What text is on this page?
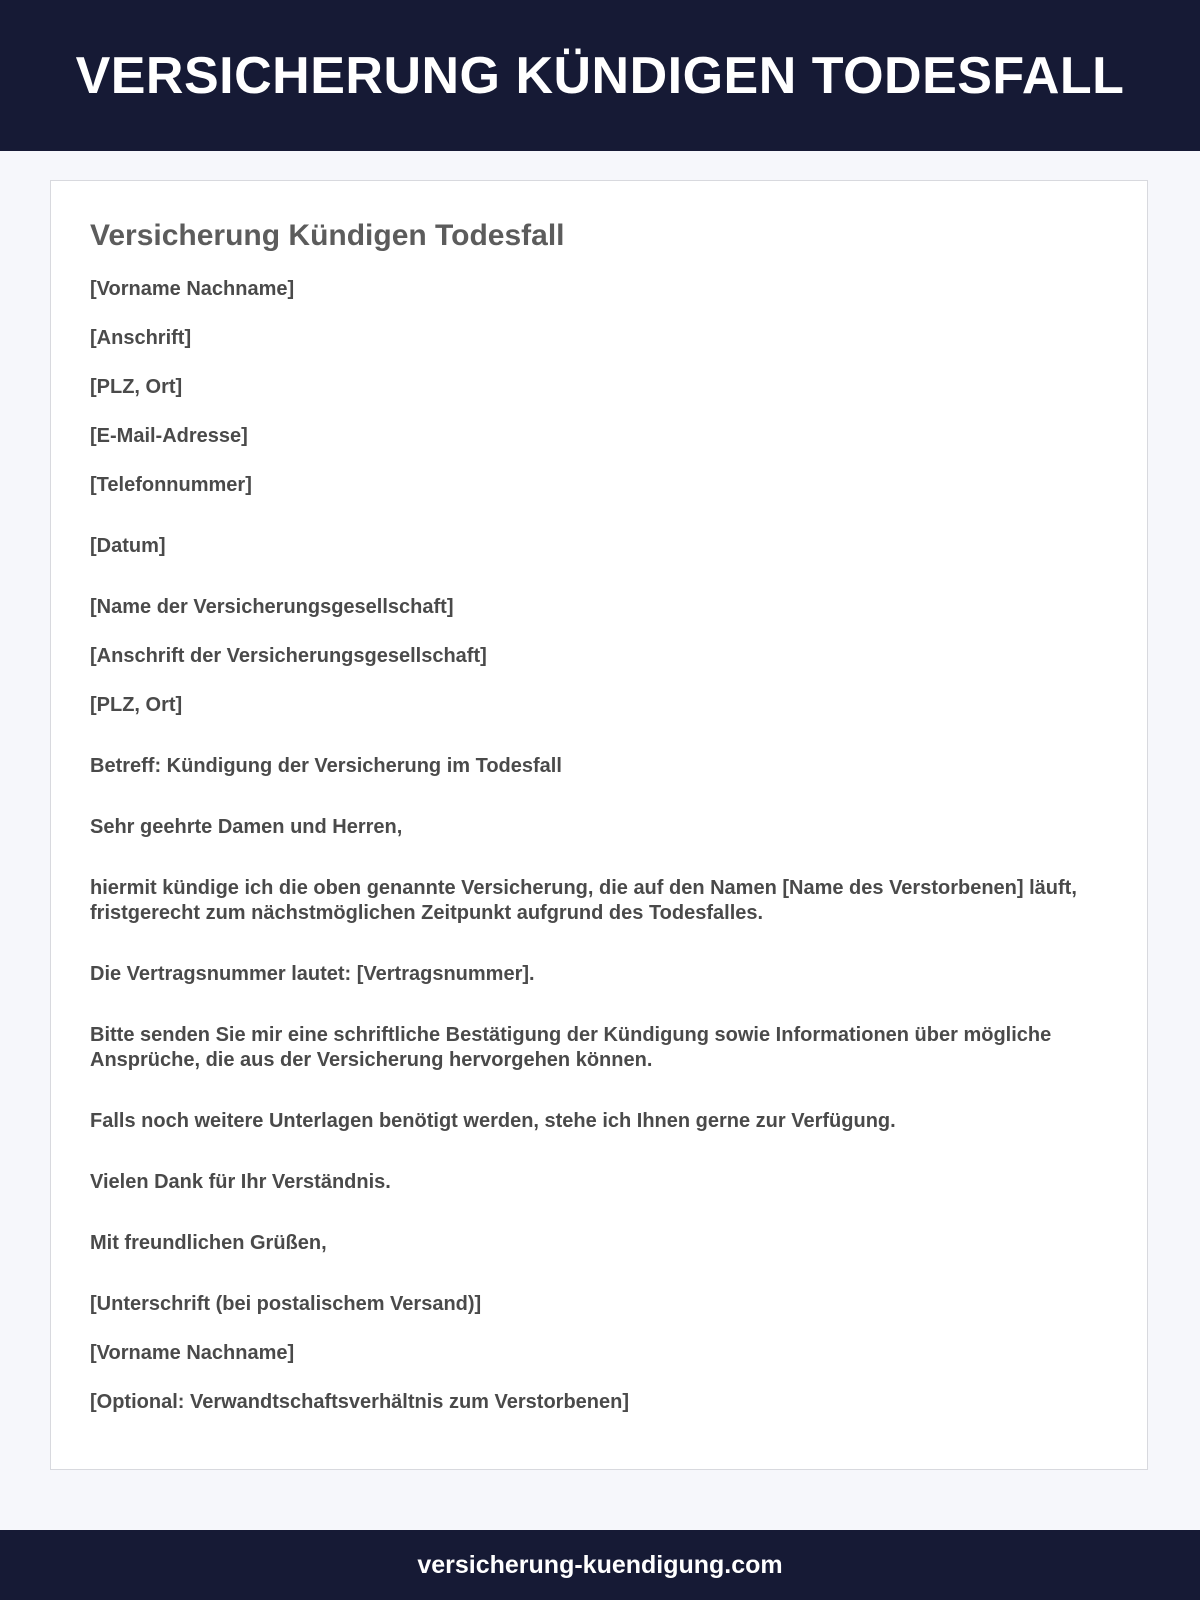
VERSICHERUNG KÜNDIGEN TODESFALL
Versicherung Kündigen Todesfall

[Vorname Nachname]

[Anschrift]

[PLZ, Ort]

[E-Mail-Adresse]

[Telefonnummer]

[Datum]

[Name der Versicherungsgesellschaft]

[Anschrift der Versicherungsgesellschaft]

[PLZ, Ort]

Betreff: Kündigung der Versicherung im Todesfall

Sehr geehrte Damen und Herren,

hiermit kündige ich die oben genannte Versicherung, die auf den Namen [Name des Verstorbenen] läuft, fristgerecht zum nächstmöglichen Zeitpunkt aufgrund des Todesfalles.

Die Vertragsnummer lautet: [Vertragsnummer].

Bitte senden Sie mir eine schriftliche Bestätigung der Kündigung sowie Informationen über mögliche Ansprüche, die aus der Versicherung hervorgehen können.

Falls noch weitere Unterlagen benötigt werden, stehe ich Ihnen gerne zur Verfügung.

Vielen Dank für Ihr Verständnis.

Mit freundlichen Grüßen,

[Unterschrift (bei postalischem Versand)]

[Vorname Nachname]

[Optional: Verwandtschaftsverhältnis zum Verstorbenen]

versicherung-kuendigung.com
